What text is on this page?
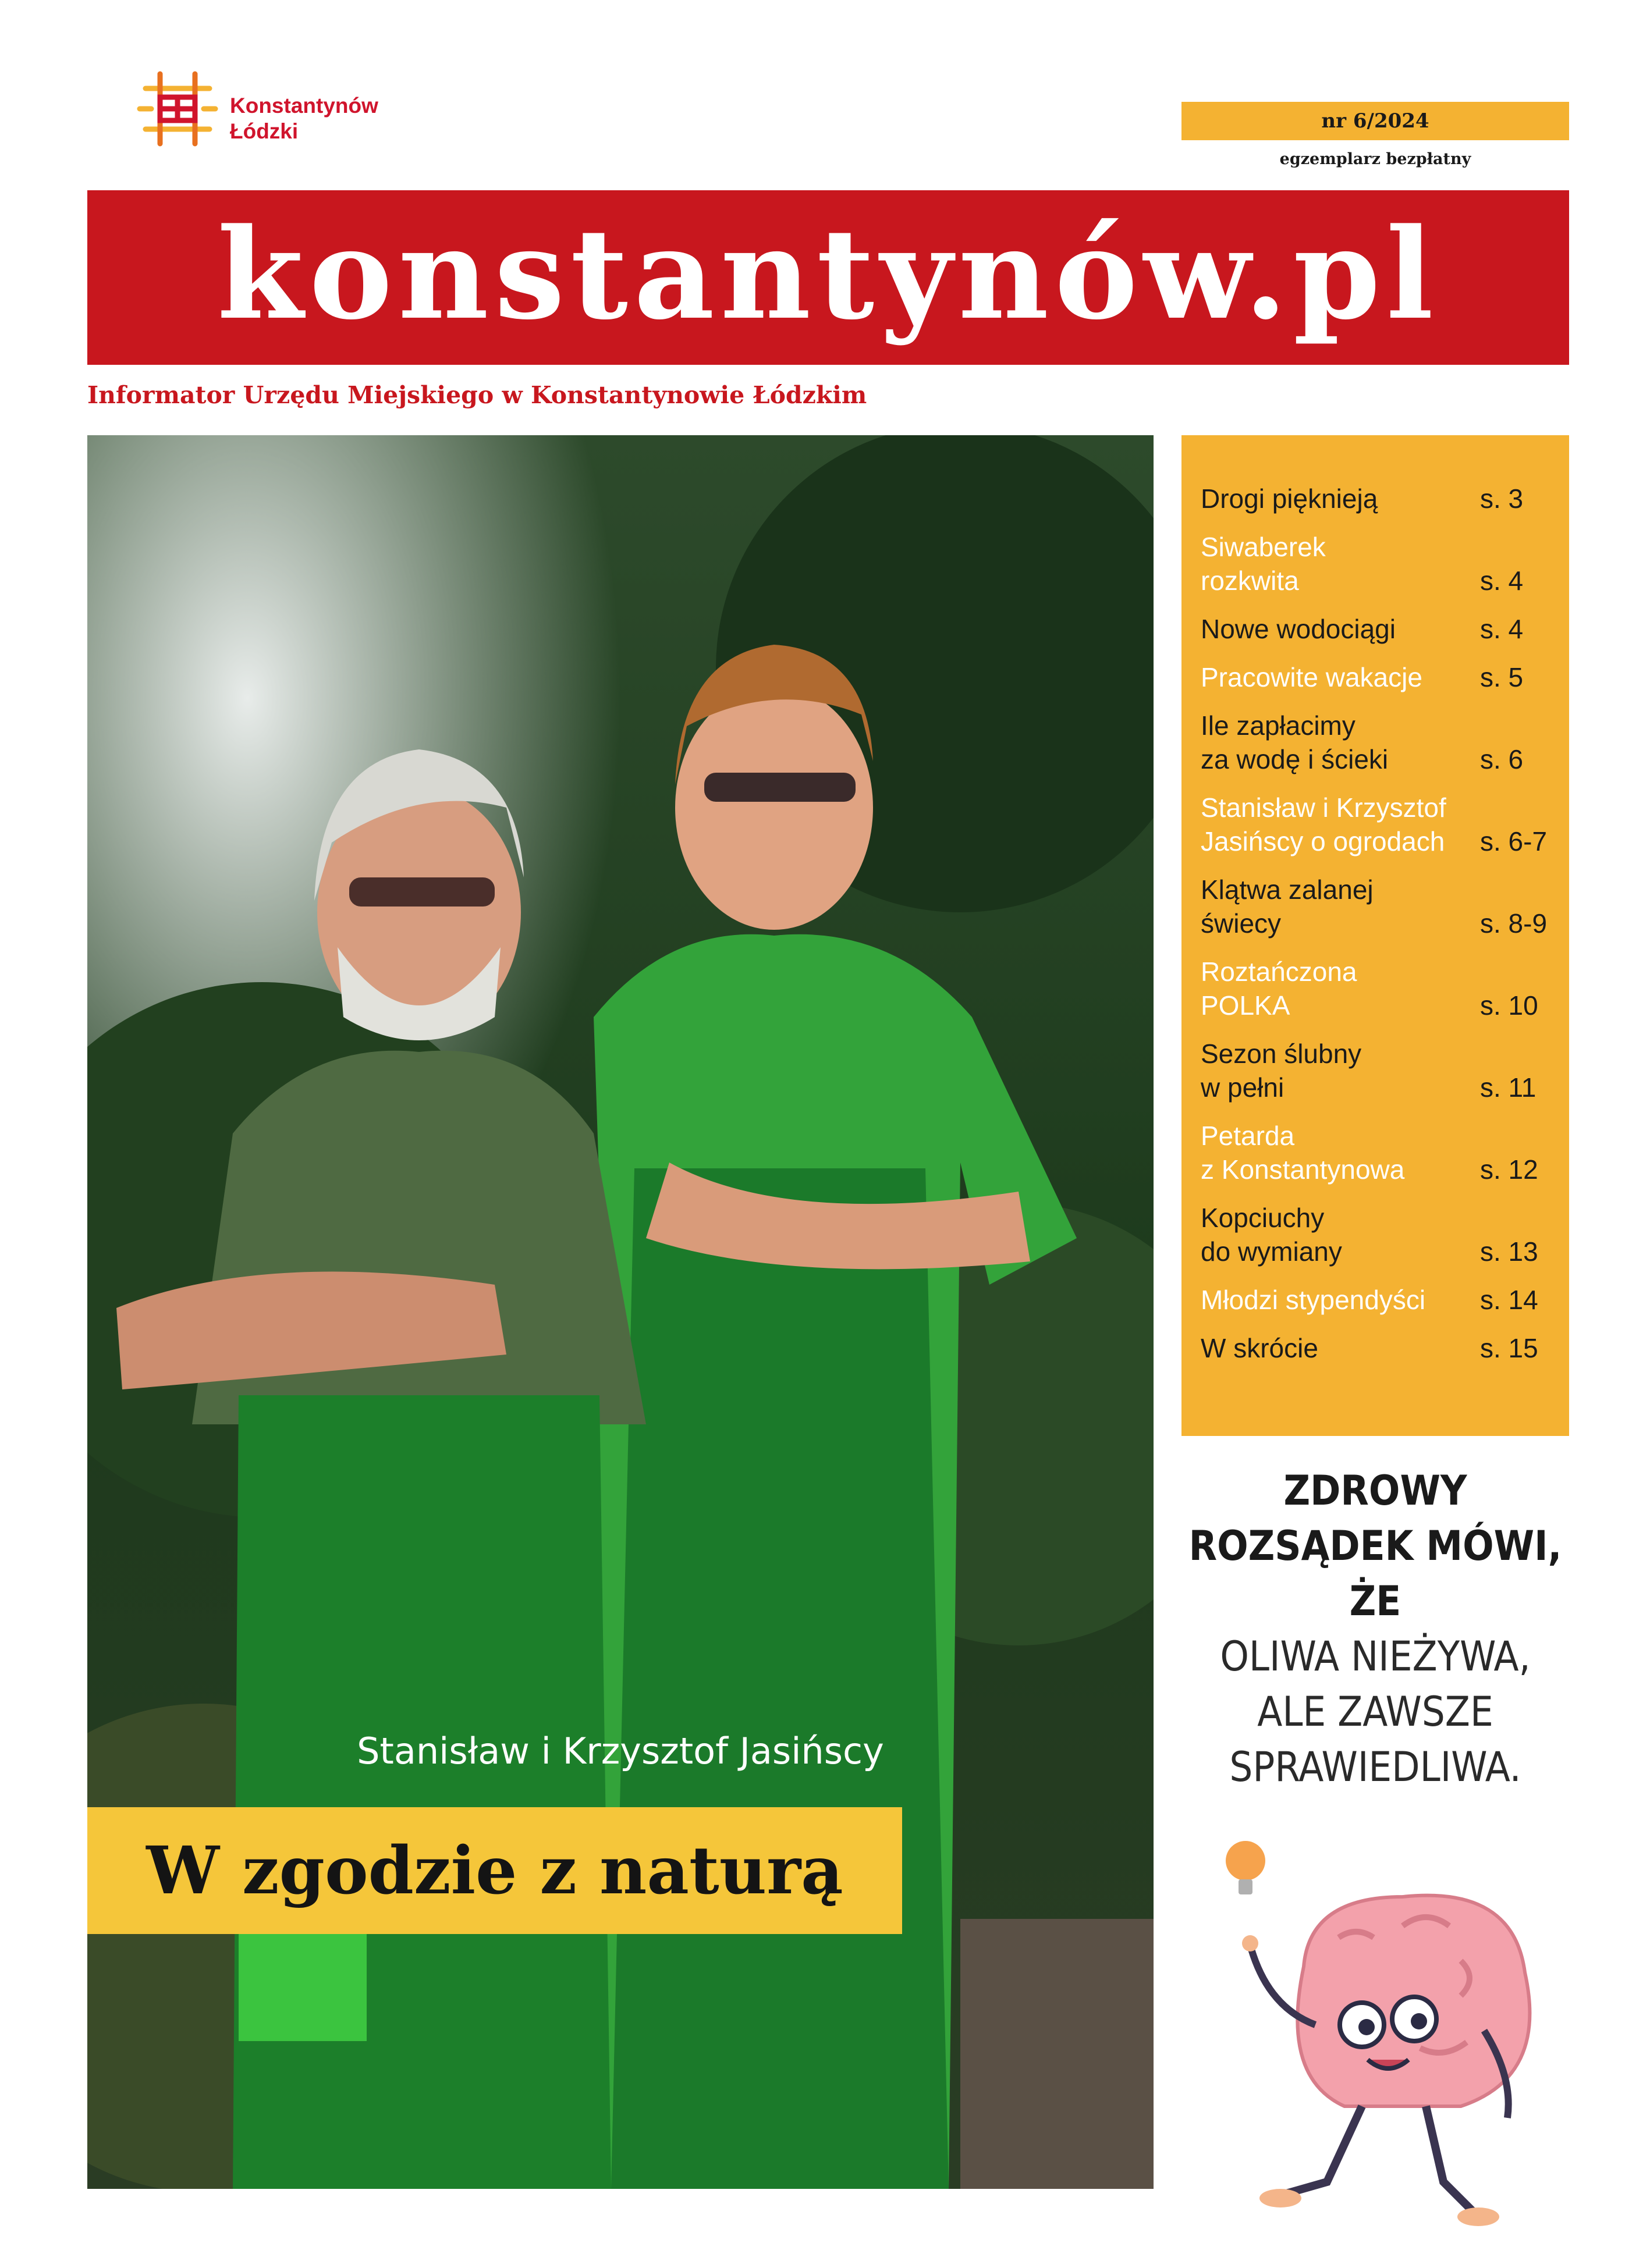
Konstantynów
Łódzki	nr 6/2024
egzemplarz bezpłatny
konstantynów.pl
Informator Urzędu Miejskiego w Konstantynowie Łódzkim
Stanisław i Krzysztof Jasińscy
W zgodzie z naturą
Drogi pięknieją	s. 3
Siwaberek
rozkwita	s. 4
Nowe wodociągi	s. 4
Pracowite wakacje	s. 5
Ile zapłacimy
za wodę i ścieki	s. 6
Stanisław i Krzysztof
Jasińscy o ogrodach	s. 6-7
Klątwa zalanej
świecy	s. 8-9
Roztańczona
POLKA	s. 10
Sezon ślubny
w pełni	s. 11
Petarda
z Konstantynowa	s. 12
Kopciuchy
do wymiany	s. 13
Młodzi stypendyści	s. 14
W skrócie	s. 15
ZDROWY
ROZSĄDEK MÓWI, ŻE
OLIWA NIEŻYWA,
ALE ZAWSZE
SPRAWIEDLIWA.
